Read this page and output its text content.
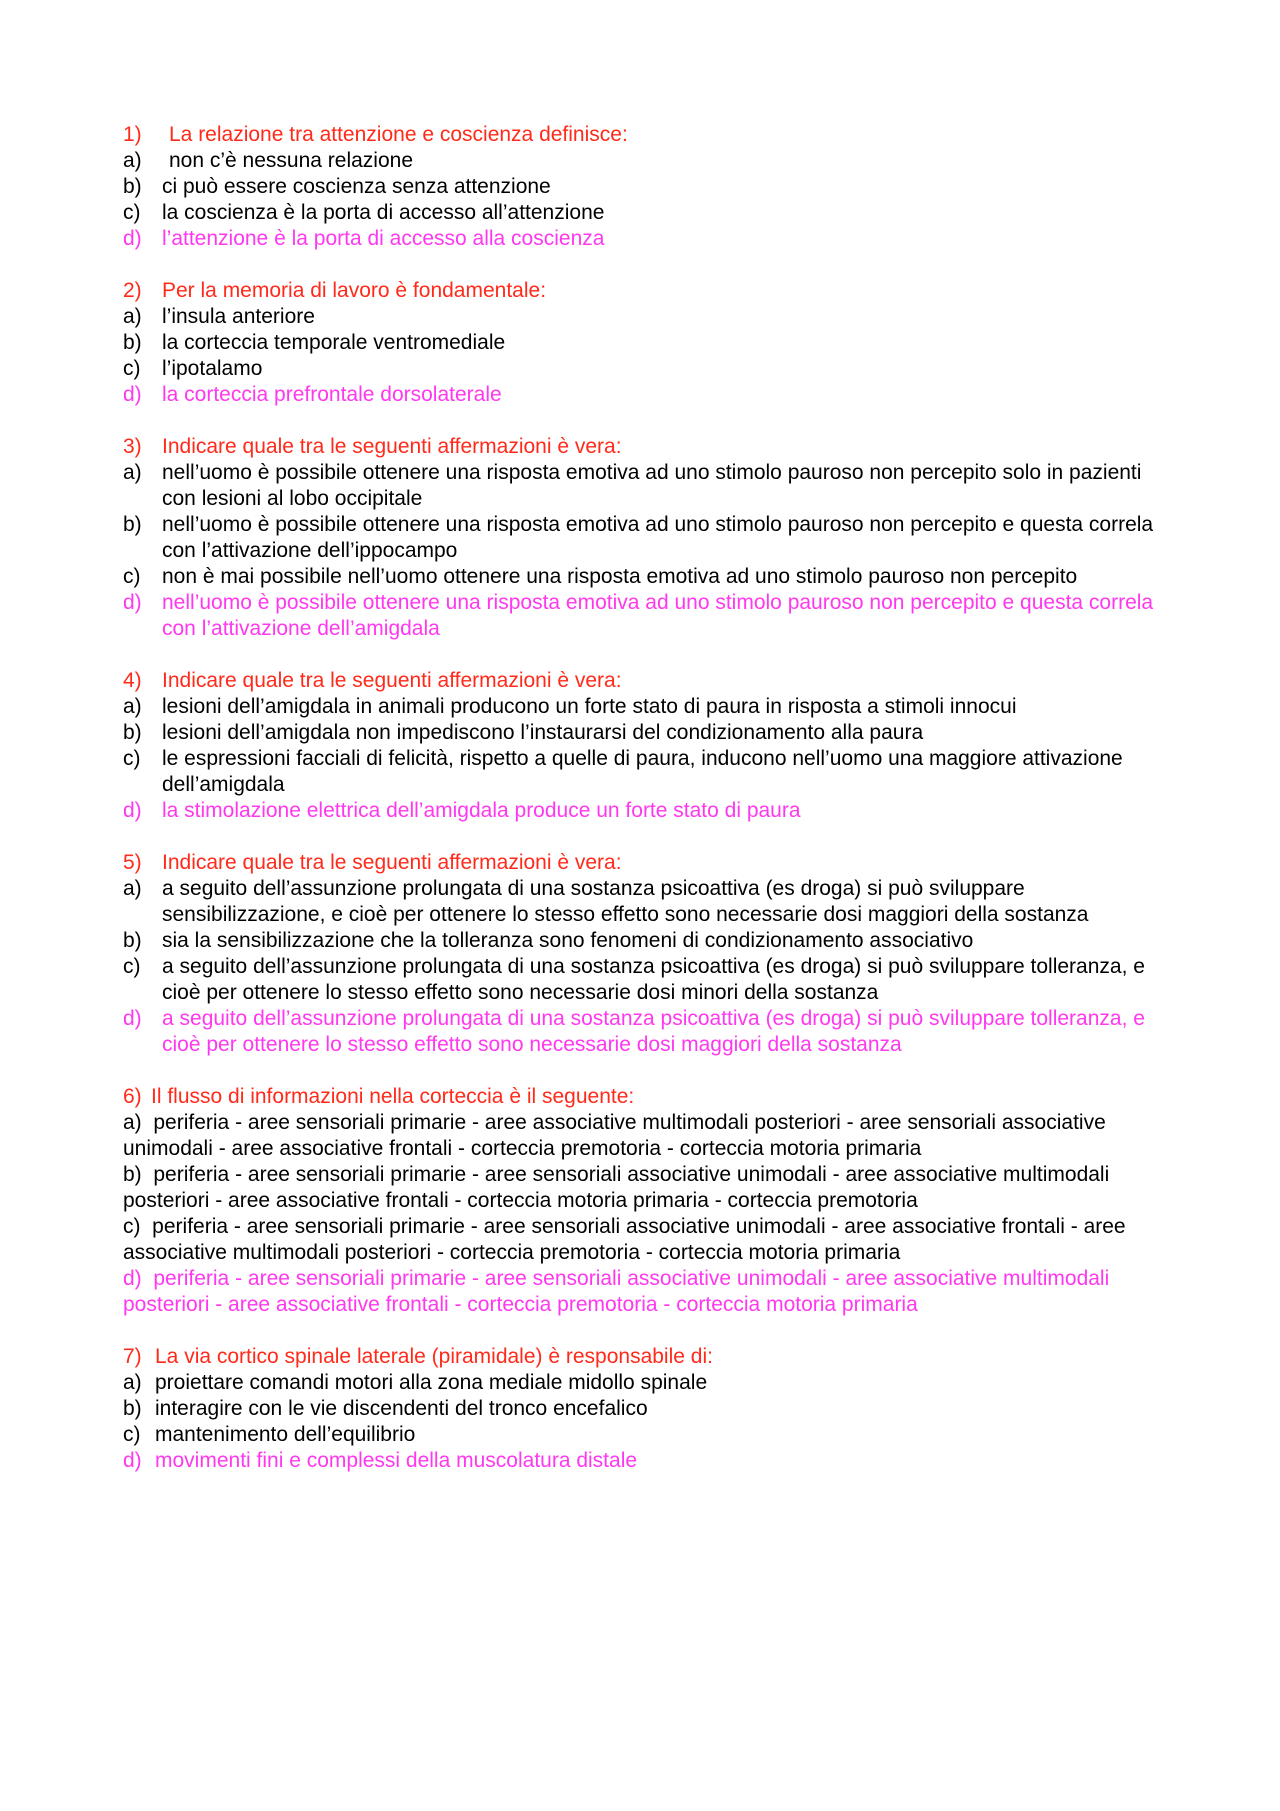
1)	La relazione tra attenzione e coscienza definisce:
a)	non c’è nessuna relazione
b) ci può essere coscienza senza attenzione
c)	la coscienza è la porta di accesso all’attenzione
d) l’attenzione è la porta di accesso alla coscienza
2) Per la memoria di lavoro è fondamentale:
a) l’insula anteriore
b) la corteccia temporale ventromediale
c)	l’ipotalamo
d) la corteccia prefrontale dorsolaterale
3) Indicare quale tra le seguenti affermazioni è vera:
a) nell’uomo è possibile ottenere una risposta emotiva ad uno stimolo pauroso non percepito solo in pazienti con lesioni al lobo occipitale
b) nell’uomo è possibile ottenere una risposta emotiva ad uno stimolo pauroso non percepito e questa correla con l’attivazione dell’ippocampo
c)	non è mai possibile nell’uomo ottenere una risposta emotiva ad uno stimolo pauroso non percepito
d) nell’uomo è possibile ottenere una risposta emotiva ad uno stimolo pauroso non percepito e questa correla con l’attivazione dell’amigdala
4) Indicare quale tra le seguenti affermazioni è vera:
a) lesioni dell’amigdala in animali producono un forte stato di paura in risposta a stimoli innocui
b) lesioni dell’amigdala non impediscono l’instaurarsi del condizionamento alla paura
c)	le espressioni facciali di felicità, rispetto a quelle di paura, inducono nell’uomo una maggiore attivazione dell’amigdala
d) la stimolazione elettrica dell’amigdala produce un forte stato di paura
5) Indicare quale tra le seguenti affermazioni è vera:
a) a seguito dell’assunzione prolungata di una sostanza psicoattiva (es droga) si può sviluppare sensibilizzazione, e cioè per ottenere lo stesso effetto sono necessarie dosi maggiori della sostanza
b) sia la sensibilizzazione che la tolleranza sono fenomeni di condizionamento associativo
c)	a seguito dell’assunzione prolungata di una sostanza psicoattiva (es droga) si può sviluppare tolleranza, e cioè per ottenere lo stesso effetto sono necessarie dosi minori della sostanza
d) a seguito dell’assunzione prolungata di una sostanza psicoattiva (es droga) si può sviluppare tolleranza, e cioè per ottenere lo stesso effetto sono necessarie dosi maggiori della sostanza
6) Il flusso di informazioni nella corteccia è il seguente:
a) periferia - aree sensoriali primarie - aree associative multimodali posteriori - aree sensoriali associative unimodali - aree associative frontali - corteccia premotoria - corteccia motoria primaria
b) periferia - aree sensoriali primarie - aree sensoriali associative unimodali - aree associative multimodali posteriori - aree associative frontali - corteccia motoria primaria - corteccia premotoria
c) periferia - aree sensoriali primarie - aree sensoriali associative unimodali - aree associative frontali - aree associative multimodali posteriori - corteccia premotoria - corteccia motoria primaria
d) periferia - aree sensoriali primarie - aree sensoriali associative unimodali - aree associative multimodali posteriori - aree associative frontali - corteccia premotoria - corteccia motoria primaria
7) La via cortico spinale laterale (piramidale) è responsabile di:
a) proiettare comandi motori alla zona mediale midollo spinale
b) interagire con le vie discendenti del tronco encefalico
c) mantenimento dell’equilibrio
d) movimenti fini e complessi della muscolatura distale
